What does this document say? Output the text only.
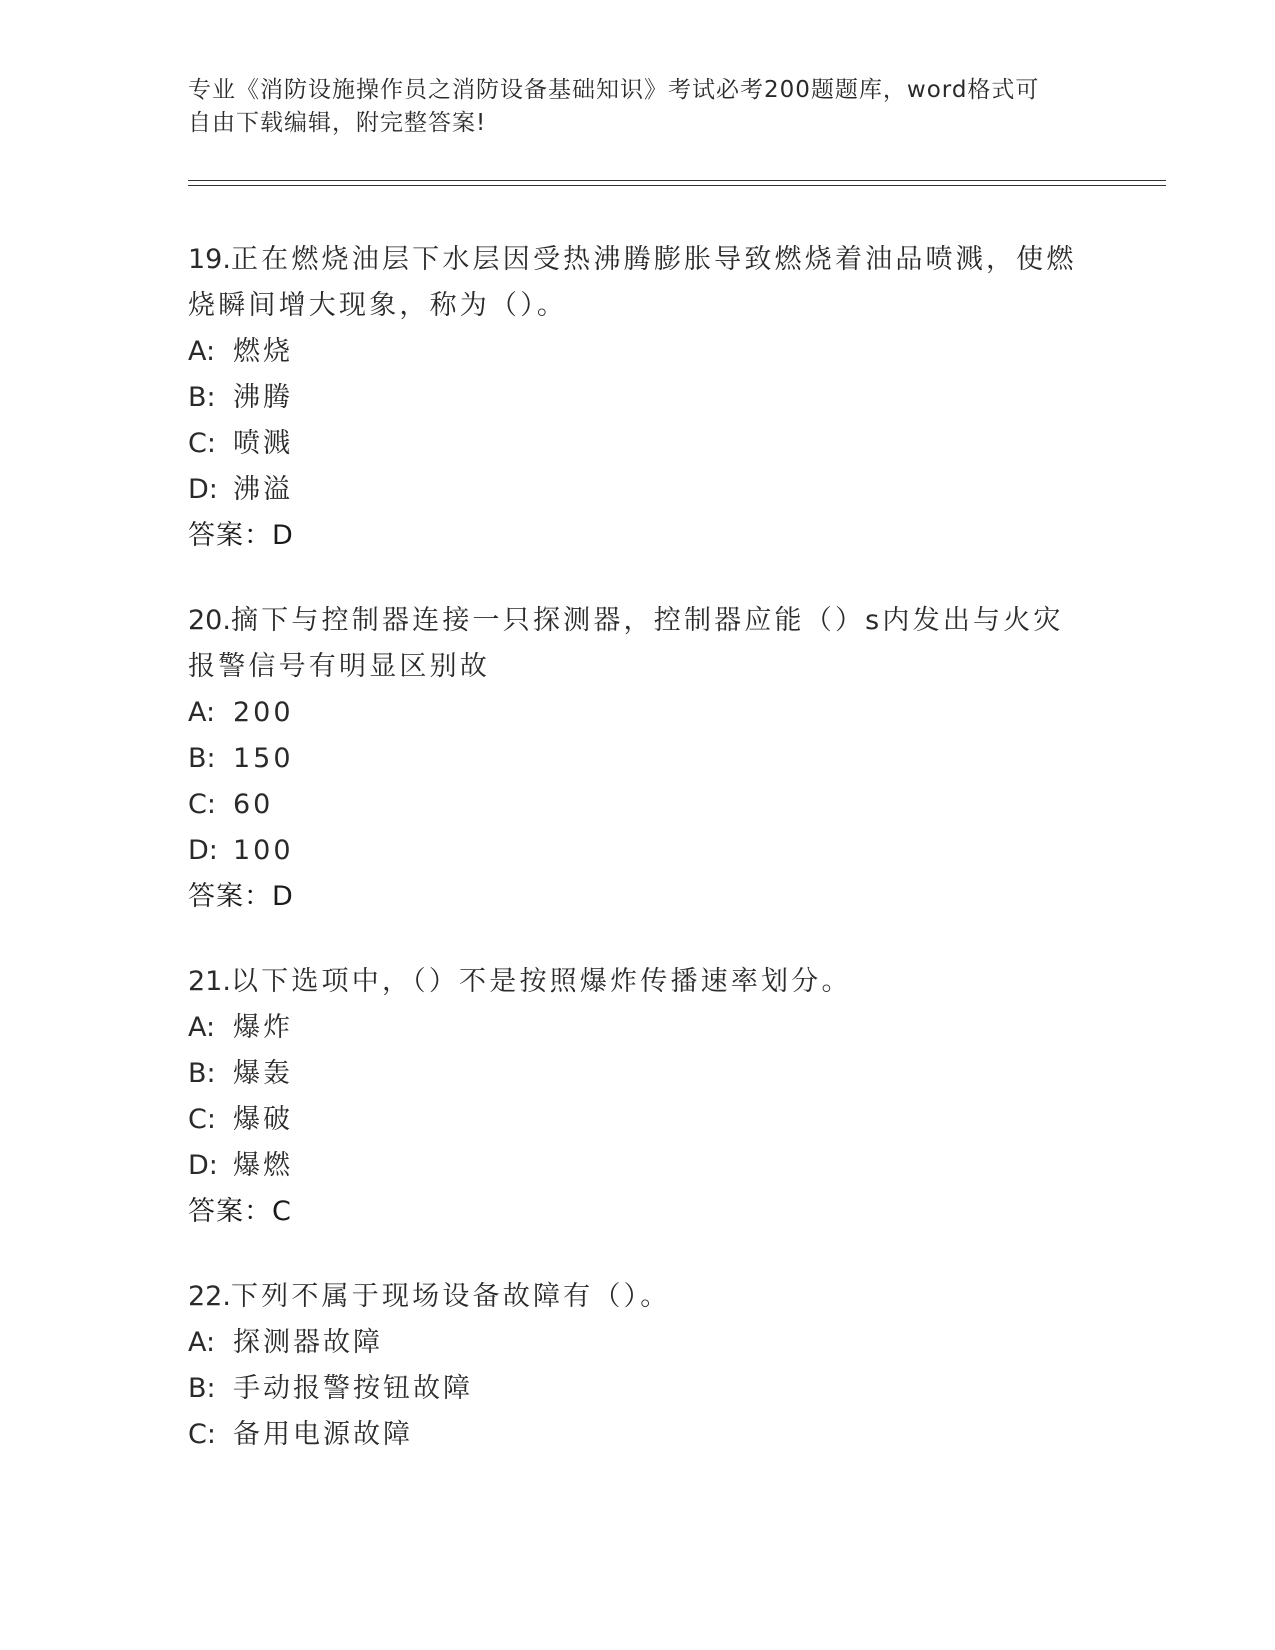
专业《消防设施操作员之消防设备基础知识》考试必考200题题库，word格式可
自由下载编辑，附完整答案!
19.正在燃烧油层下水层因受热沸腾膨胀导致燃烧着油品喷溅，使燃烧瞬间增大现象，称为（）。
A: 燃烧
B: 沸腾
C: 喷溅
D: 沸溢
答案：D
20.摘下与控制器连接一只探测器，控制器应能（）s内发出与火灾报警信号有明显区别故
A: 200
B: 150
C: 60
D: 100
答案：D
21.以下选项中，（）不是按照爆炸传播速率划分。
A: 爆炸
B: 爆轰
C: 爆破
D: 爆燃
答案：C
22.下列不属于现场设备故障有（）。
A: 探测器故障
B: 手动报警按钮故障
C: 备用电源故障
